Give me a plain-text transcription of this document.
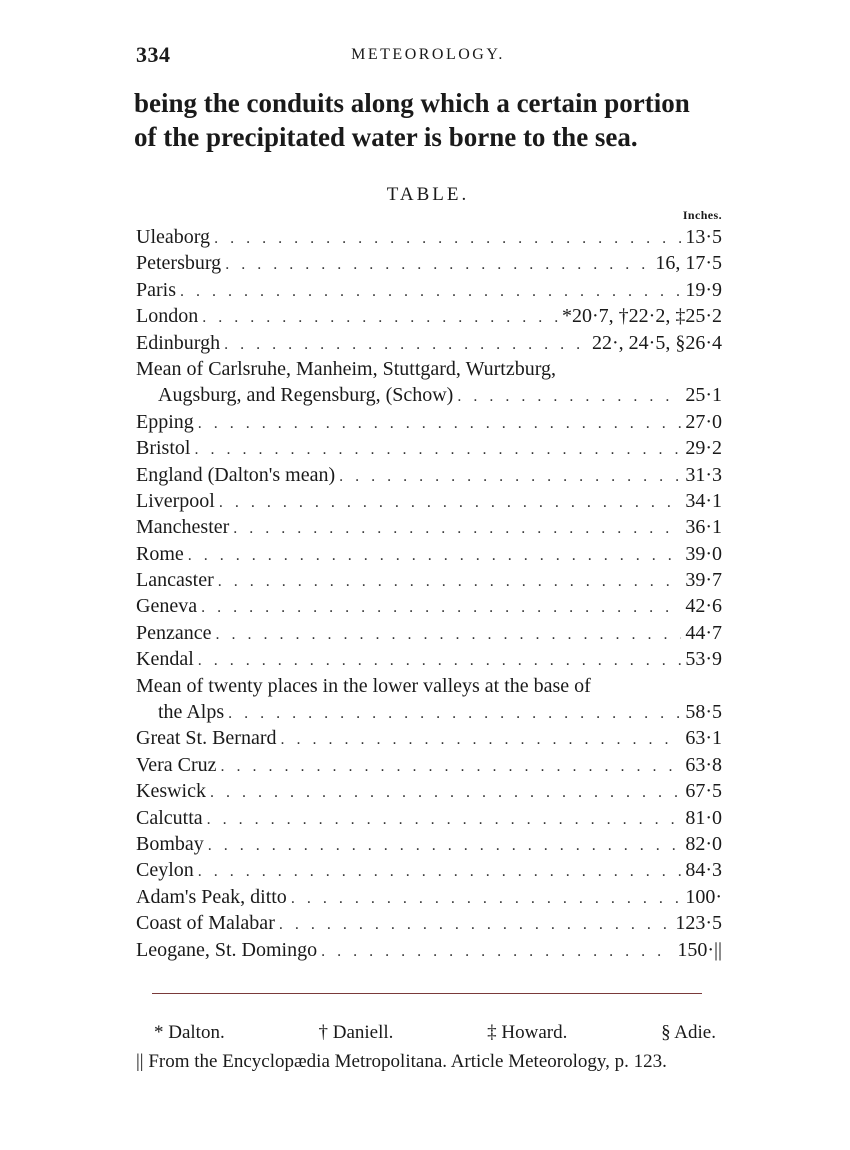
334	METEOROLOGY.

being the conduits along which a certain portion

of the precipitated water is borne to the sea.

TABLE.
Inches.
Uleaborg . . .	13·5
Petersburg . . .	16, 17·5
Paris . . .	19·9
London . . .	*20·7, †22·2, ‡25·2
Edinburgh . . .	22·, 24·5, §26·4
Mean of Carlsruhe, Manheim, Stuttgard, Wurtzburg,
Augsburg, and Regensburg, (Schow) . . .	25·1
Epping . . .	27·0
Bristol . . .	29·2
England (Dalton's mean) . . .	31·3
Liverpool . . .	34·1
Manchester . . .	36·1
Rome . . .	39·0
Lancaster . . .	39·7
Geneva . . .	42·6
Penzance . . .	44·7
Kendal . . .	53·9
Mean of twenty places in the lower valleys at the base of
the Alps . . .	58·5
Great St. Bernard . . .	63·1
Vera Cruz . . .	63·8
Keswick . . .	67·5
Calcutta . . .	81·0
Bombay . . .	82·0
Ceylon . . .	84·3
Adam's Peak, ditto . . .	100·
Coast of Malabar . . .	123·5
Leogane, St. Domingo . . .	150·||
* Dalton.	† Daniell.	‡ Howard.	§ Adie.

|| From the Encyclopædia Metropolitana. Article Meteorology, p. 123.
